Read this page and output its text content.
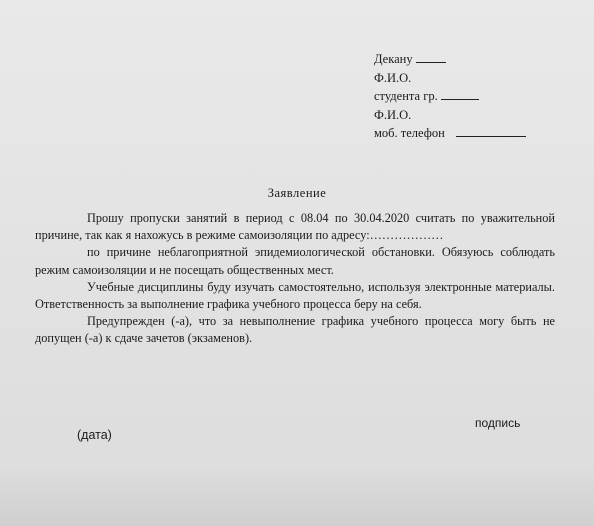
Декану
Ф.И.О.
студента гр.
Ф.И.О.
моб. телефон
Заявление

Прошу пропуски занятий в период с 08.04 по 30.04.2020 считать по уважительной причине, так как я нахожусь в режиме самоизоляции по адресу:………………

по причине неблагоприятной эпидемиологической обстановки. Обязуюсь соблюдать режим самоизоляции и не посещать общественных мест.

Учебные дисциплины буду изучать самостоятельно, используя электронные материалы. Ответственность за выполнение графика учебного процесса беру на себя.

Предупрежден (-а), что за невыполнение графика учебного процесса могу быть не допущен (-а) к сдаче зачетов (экзаменов).

подпись
(дата)
